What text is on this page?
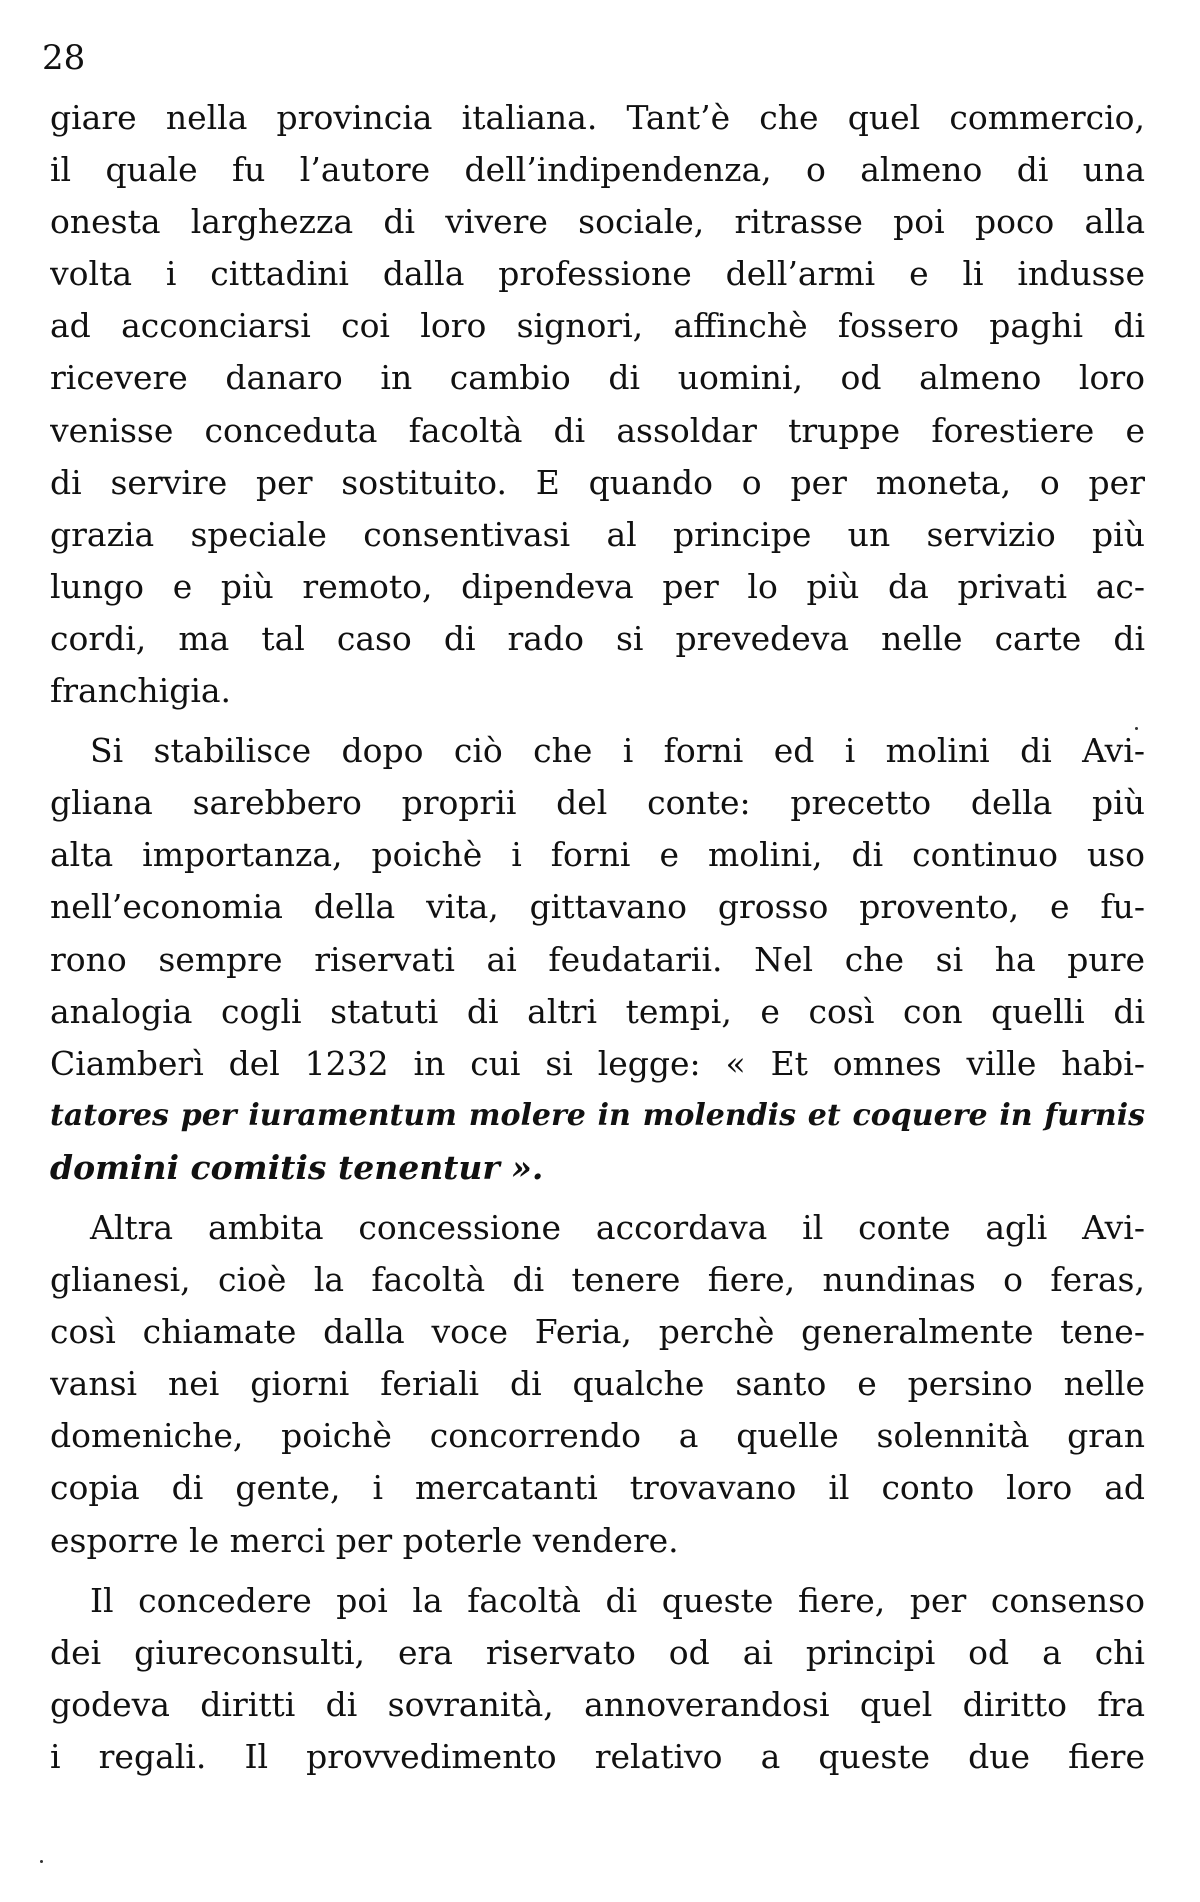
28
giare nella provincia italiana. Tant’è che quel commercio,
il quale fu l’autore dell’indipendenza, o almeno di una
onesta larghezza di vivere sociale, ritrasse poi poco alla
volta i cittadini dalla professione dell’armi e li indusse
ad acconciarsi coi loro signori, affinchè fossero paghi di
ricevere danaro in cambio di uomini, od almeno loro
venisse conceduta facoltà di assoldar truppe forestiere e
di servire per sostituito. E quando o per moneta, o per
grazia speciale consentivasi al principe un servizio più
lungo e più remoto, dipendeva per lo più da privati ac-
cordi, ma tal caso di rado si prevedeva nelle carte di
franchigia.
Si stabilisce dopo ciò che i forni ed i molini di Avi-
gliana sarebbero proprii del conte: precetto della più
alta importanza, poichè i forni e molini, di continuo uso
nell’economia della vita, gittavano grosso provento, e fu-
rono sempre riservati ai feudatarii. Nel che si ha pure
analogia cogli statuti di altri tempi, e così con quelli di
Ciamberì del 1232 in cui si legge: « Et omnes ville habi-
tatores per iuramentum molere in molendis et coquere in furnis
domini comitis tenentur ».
Altra ambita concessione accordava il conte agli Avi-
glianesi, cioè la facoltà di tenere fiere, nundinas o feras,
così chiamate dalla voce Feria, perchè generalmente tene-
vansi nei giorni feriali di qualche santo e persino nelle
domeniche, poichè concorrendo a quelle solennità gran
copia di gente, i mercatanti trovavano il conto loro ad
esporre le merci per poterle vendere.
Il concedere poi la facoltà di queste fiere, per consenso
dei giureconsulti, era riservato od ai principi od a chi
godeva diritti di sovranità, annoverandosi quel diritto fra
i regali. Il provvedimento relativo a queste due fiere
